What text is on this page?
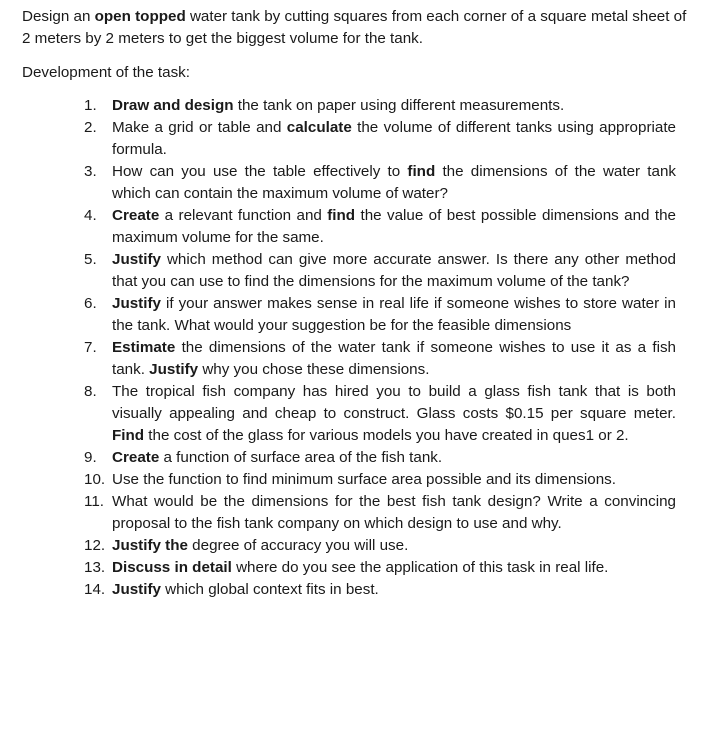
Design an open topped water tank by cutting squares from each corner of a square metal sheet of 2 meters by 2 meters to get the biggest volume for the tank.

Development of the task:

1.	Draw and design the tank on paper using different measurements.
2.	Make a grid or table and calculate the volume of different tanks using appropriate formula.
3.	How can you use the table effectively to find the dimensions of the water tank which can contain the maximum volume of water?
4.	Create a relevant function and find the value of best possible dimensions and the maximum volume for the same.
5.	Justify which method can give more accurate answer. Is there any other method that you can use to find the dimensions for the maximum volume of the tank?
6.	Justify if your answer makes sense in real life if someone wishes to store water in the tank. What would your suggestion be for the feasible dimensions
7.	Estimate the dimensions of the water tank if someone wishes to use it as a fish tank. Justify why you chose these dimensions.
8.	The tropical fish company has hired you to build a glass fish tank that is both visually appealing and cheap to construct. Glass costs $0.15 per square meter. Find the cost of the glass for various models you have created in ques1 or 2.
9.	Create a function of surface area of the fish tank.
10. Use the function to find minimum surface area possible and its dimensions.
11. What would be the dimensions for the best fish tank design? Write a convincing proposal to the fish tank company on which design to use and why.
12. Justify the degree of accuracy you will use.
13. Discuss in detail where do you see the application of this task in real life.
14. Justify which global context fits in best.
